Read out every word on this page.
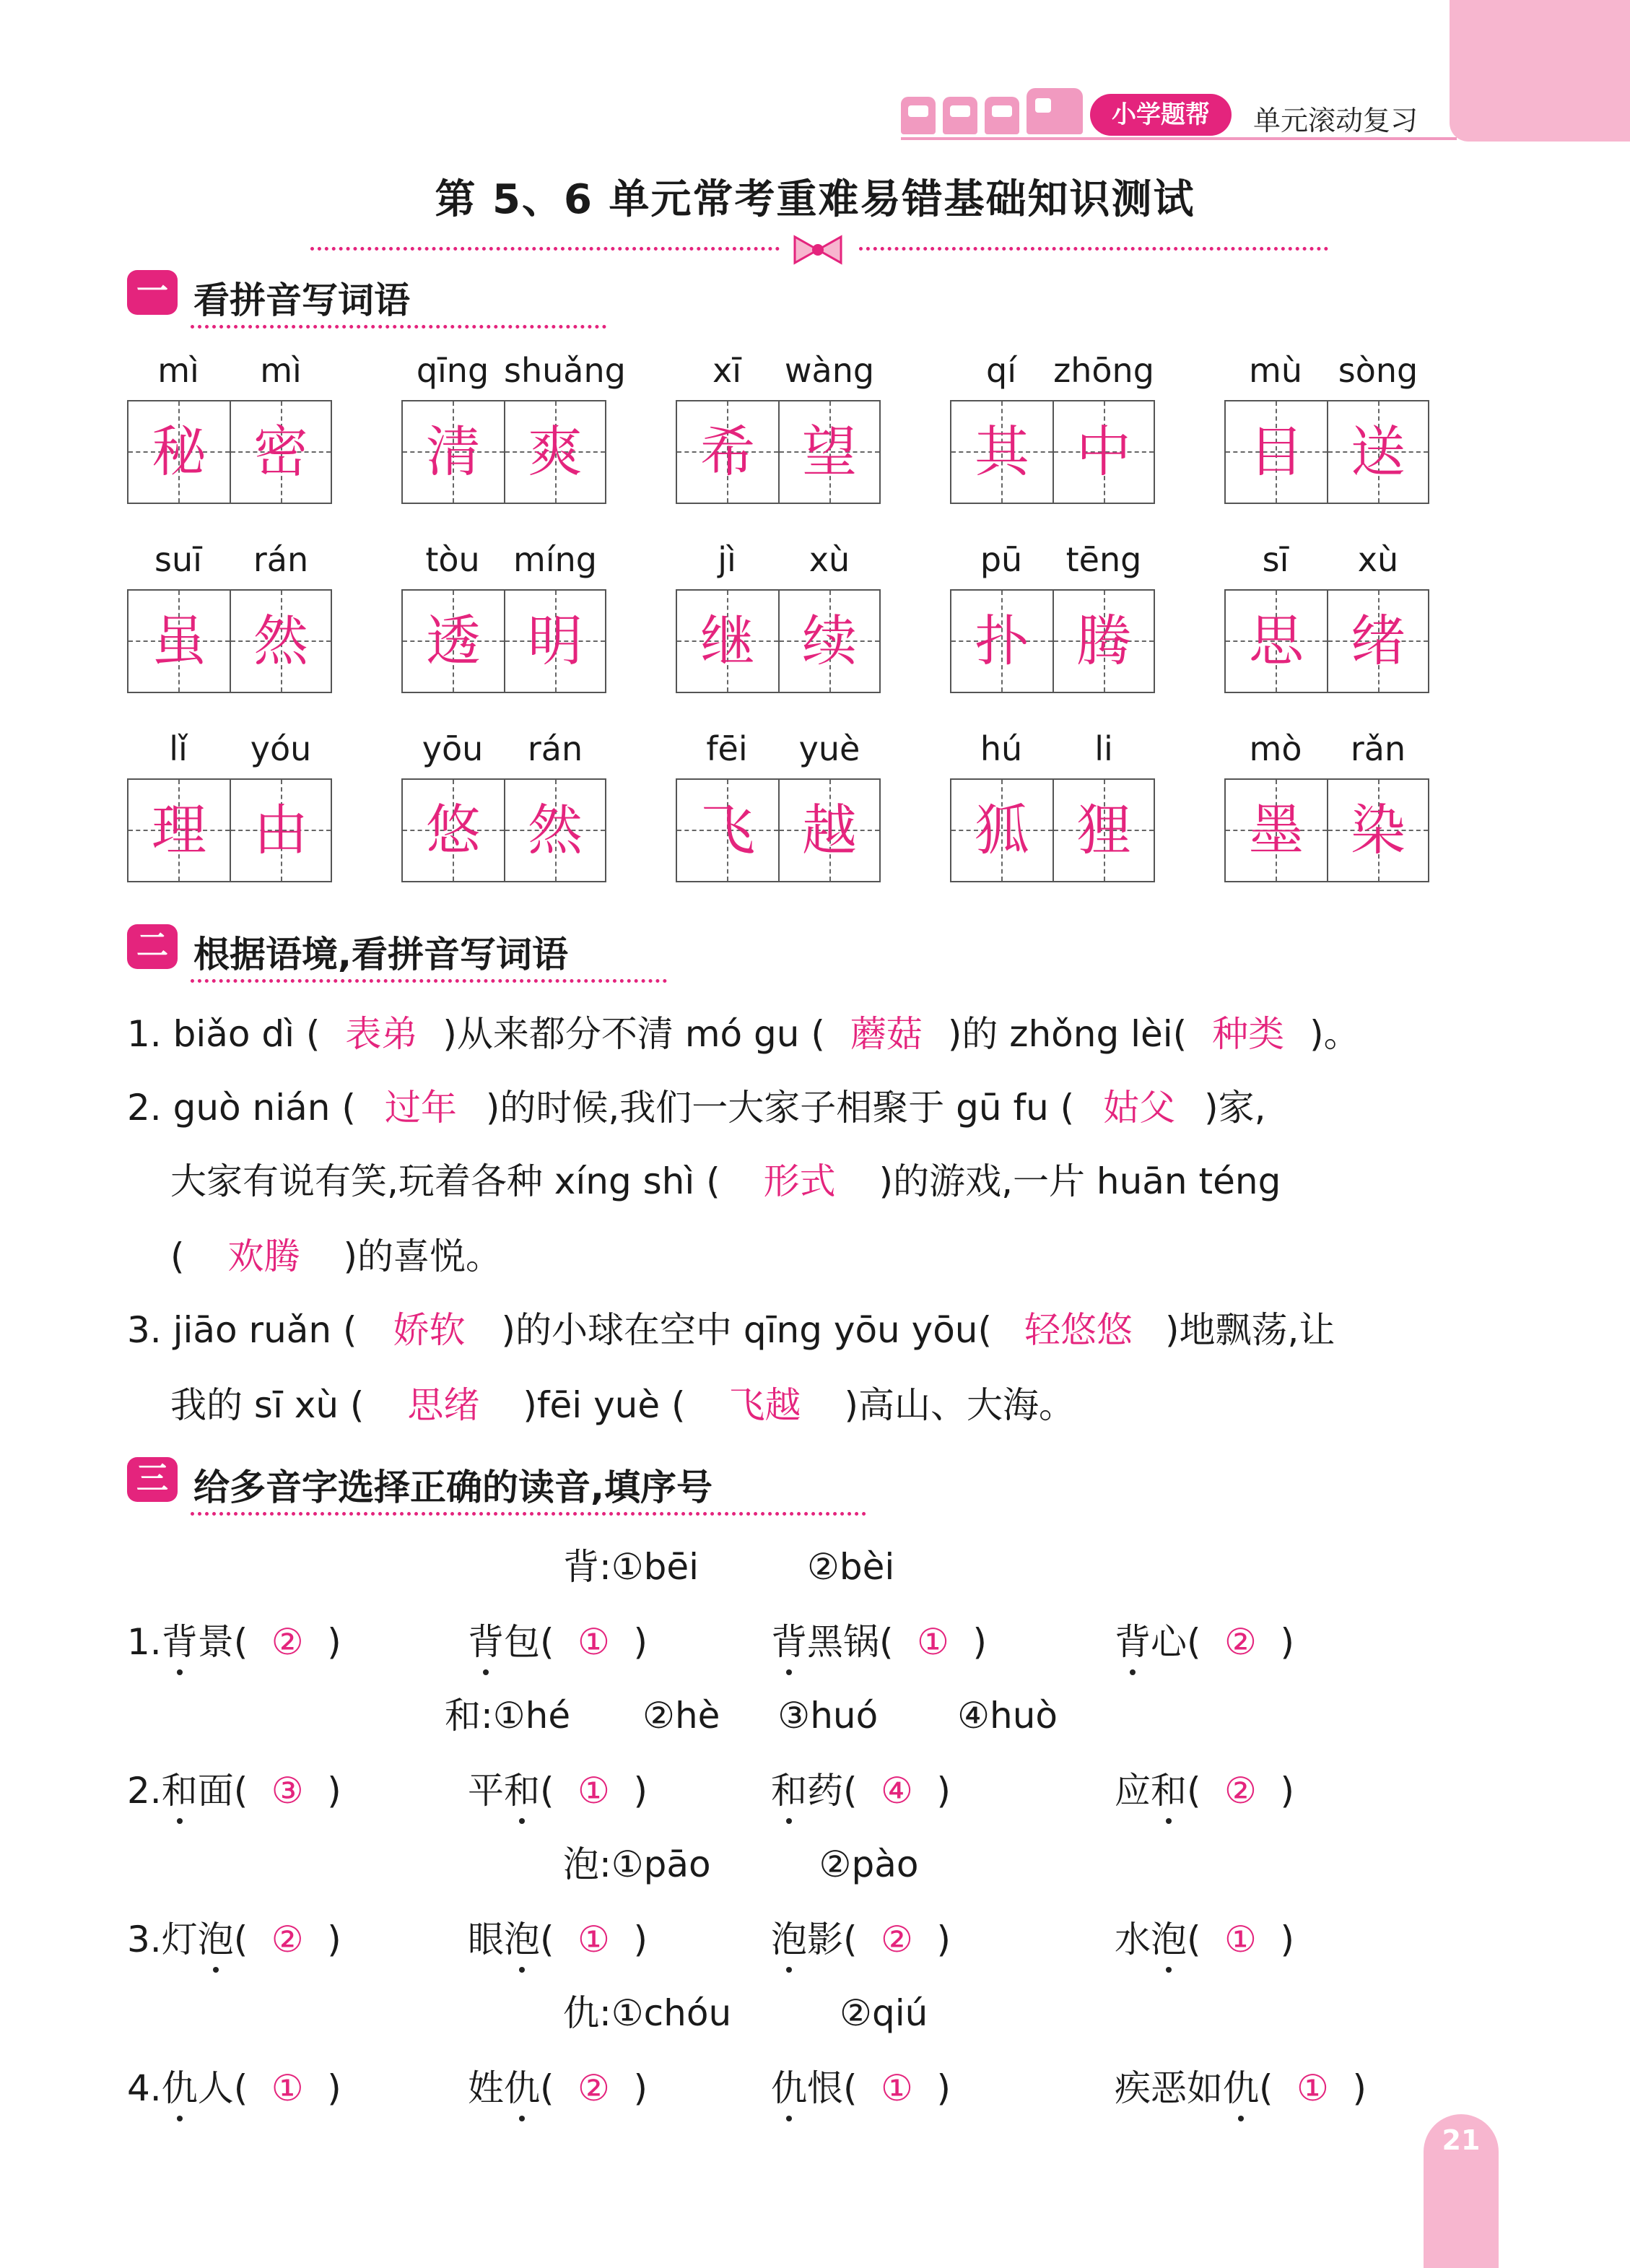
小学题帮	单元滚动复习
第 5、6 单元常考重难易错基础知识测试
一 看拼音写词语
mì	mì
秘 密
qīng shuǎng
清 爽
xī	wàng
希 望
qí	zhōng
其 中
mù	sòng
目 送
suī	rán
虽 然
tòu	míng
透 明
jì	xù
继 续
pū	tēng
扑 腾
sī	xù
思 绪
lǐ	yóu
理 由
yōu	rán
悠 然
fēi	yuè
飞 越
hú	li
狐 狸
mò	rǎn
墨 染
二 根据语境,看拼音写词语
1. biǎo dì ( 表弟 )从来都分不清 mó gu ( 蘑菇 )的 zhǒng lèi( 种类 )。
2. guò nián ( 过年 )的时候,我们一大家子相聚于 gū fu ( 姑父 )家,
大家有说有笑,玩着各种 xíng shì ( 形式 )的游戏,一片 huān téng
( 欢腾 )的喜悦。
3. jiāo ruǎn ( 娇软 )的小球在空中 qīng yōu yōu( 轻悠悠 )地飘荡,让
我的 sī xù ( 思绪 )fēi yuè ( 飞越 )高山、大海。
三 给多音字选择正确的读音,填序号
背:①bēi	②bèi
1.背景( ② )	背包( ① )	背黑锅( ① )	背心( ② )
和:①hé ②hè ③huó ④huò
2.和面( ③ )	平和( ① )	和药( ④ )	应和( ② )
泡:①pāo	②pào
3.灯泡( ② )	眼泡( ① )	泡影( ② )	水泡( ① )
仇:①chóu	②qiú
4.仇人( ① )	姓仇( ② )	仇恨( ① )	疾恶如仇( ① )
21
